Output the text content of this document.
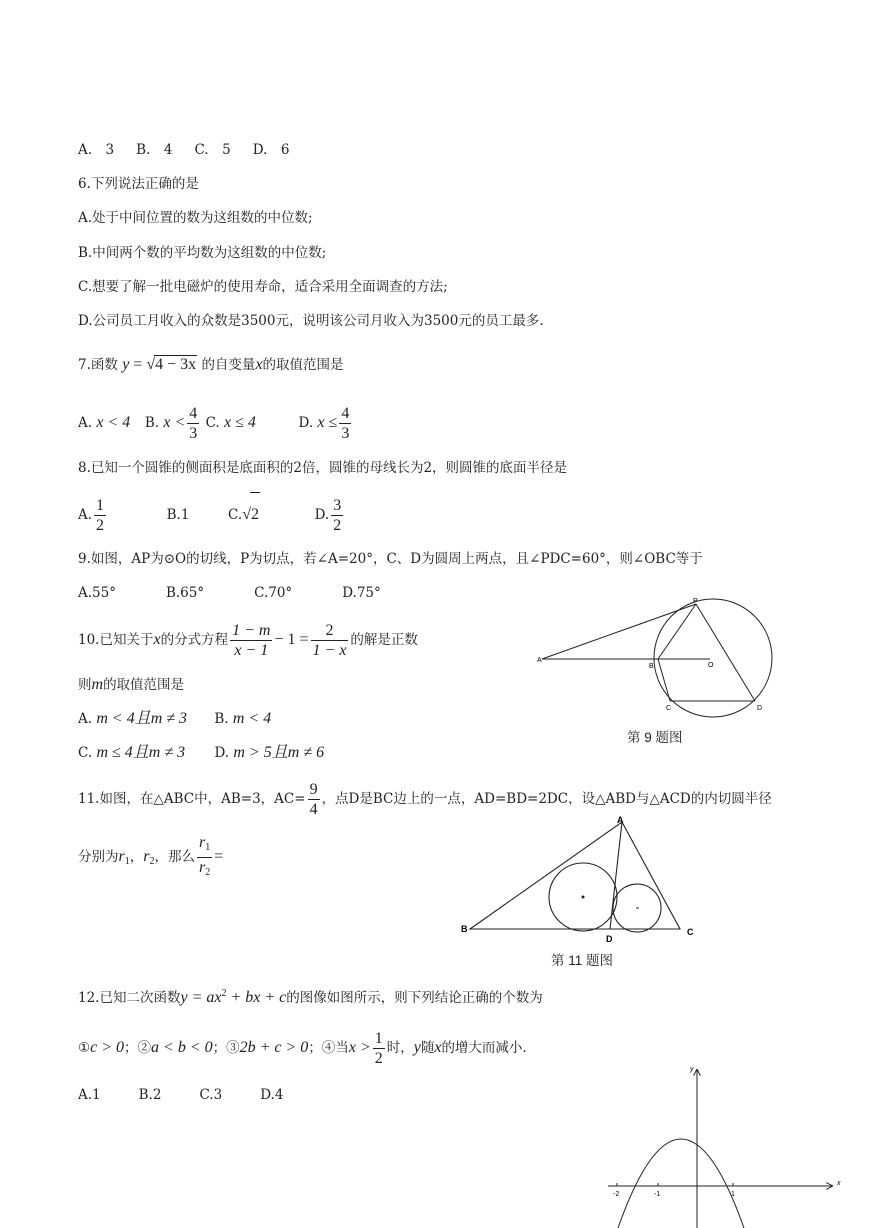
A.　3 B.　4 C.　5 D.　6
6.下列说法正确的是
A.处于中间位置的数为这组数的中位数;
B.中间两个数的平均数为这组数的中位数;
C.想要了解一批电磁炉的使用寿命，适合采用全面调查的方法;
D.公司员工月收入的众数是3500元，说明该公司月收入为3500元的员工最多.
7.函数 y = √4 − 3x 的自变量x的取值范围是
A. x < 4 B. $x < \frac{4}{3} C$. x ≤ 4	D. $x \le \frac{4}{3}$
8.已知一个圆锥的侧面积是底面积的2倍，圆锥的母线长为2，则圆锥的底面半径是
A. $\frac{1}{2}$	B.1	C.√2	D. $\frac{3}{2}$
9.如图，AP为⊙O的切线，P为切点，若∠A=20°，C、D为圆周上两点，且∠PDC=60°，则∠OBC等于
A.55°	B.65°	C.70°	D.75°
A
B	O
P
C	D
第 9 题图
10.已知关于x的分式方程 $\frac{1 - m}{x - 1} - 1 = \frac{2}{1 - x}$ 的解是正数
则m的取值范围是
A. m < 4且m ≠ 3 B. m < 4
C. m ≤ 4且m ≠ 3 D. m > 5且m ≠ 6
11.如图，在△ABC中，AB=3，$AC= \frac{9}{4}$ ，点D是BC边上的一点，AD=BD=2DC，设△ABD与△ACD的内切圆半径
分别为$r_1$，$r_2$，那么 $\frac{r_1}{r_2}$ =
A
B	C
D
第 11 题图
12.已知二次函数$y = ax^2$ + bx + c的图像如图所示，则下列结论正确的个数为
①c > 0；②a < b < 0；③2b + c > 0；④当$x > \frac{1}{2}$ 时，y随x的增大而减小.
A.1	B.2	C.3	D.4
-2	-1	1
x
y
